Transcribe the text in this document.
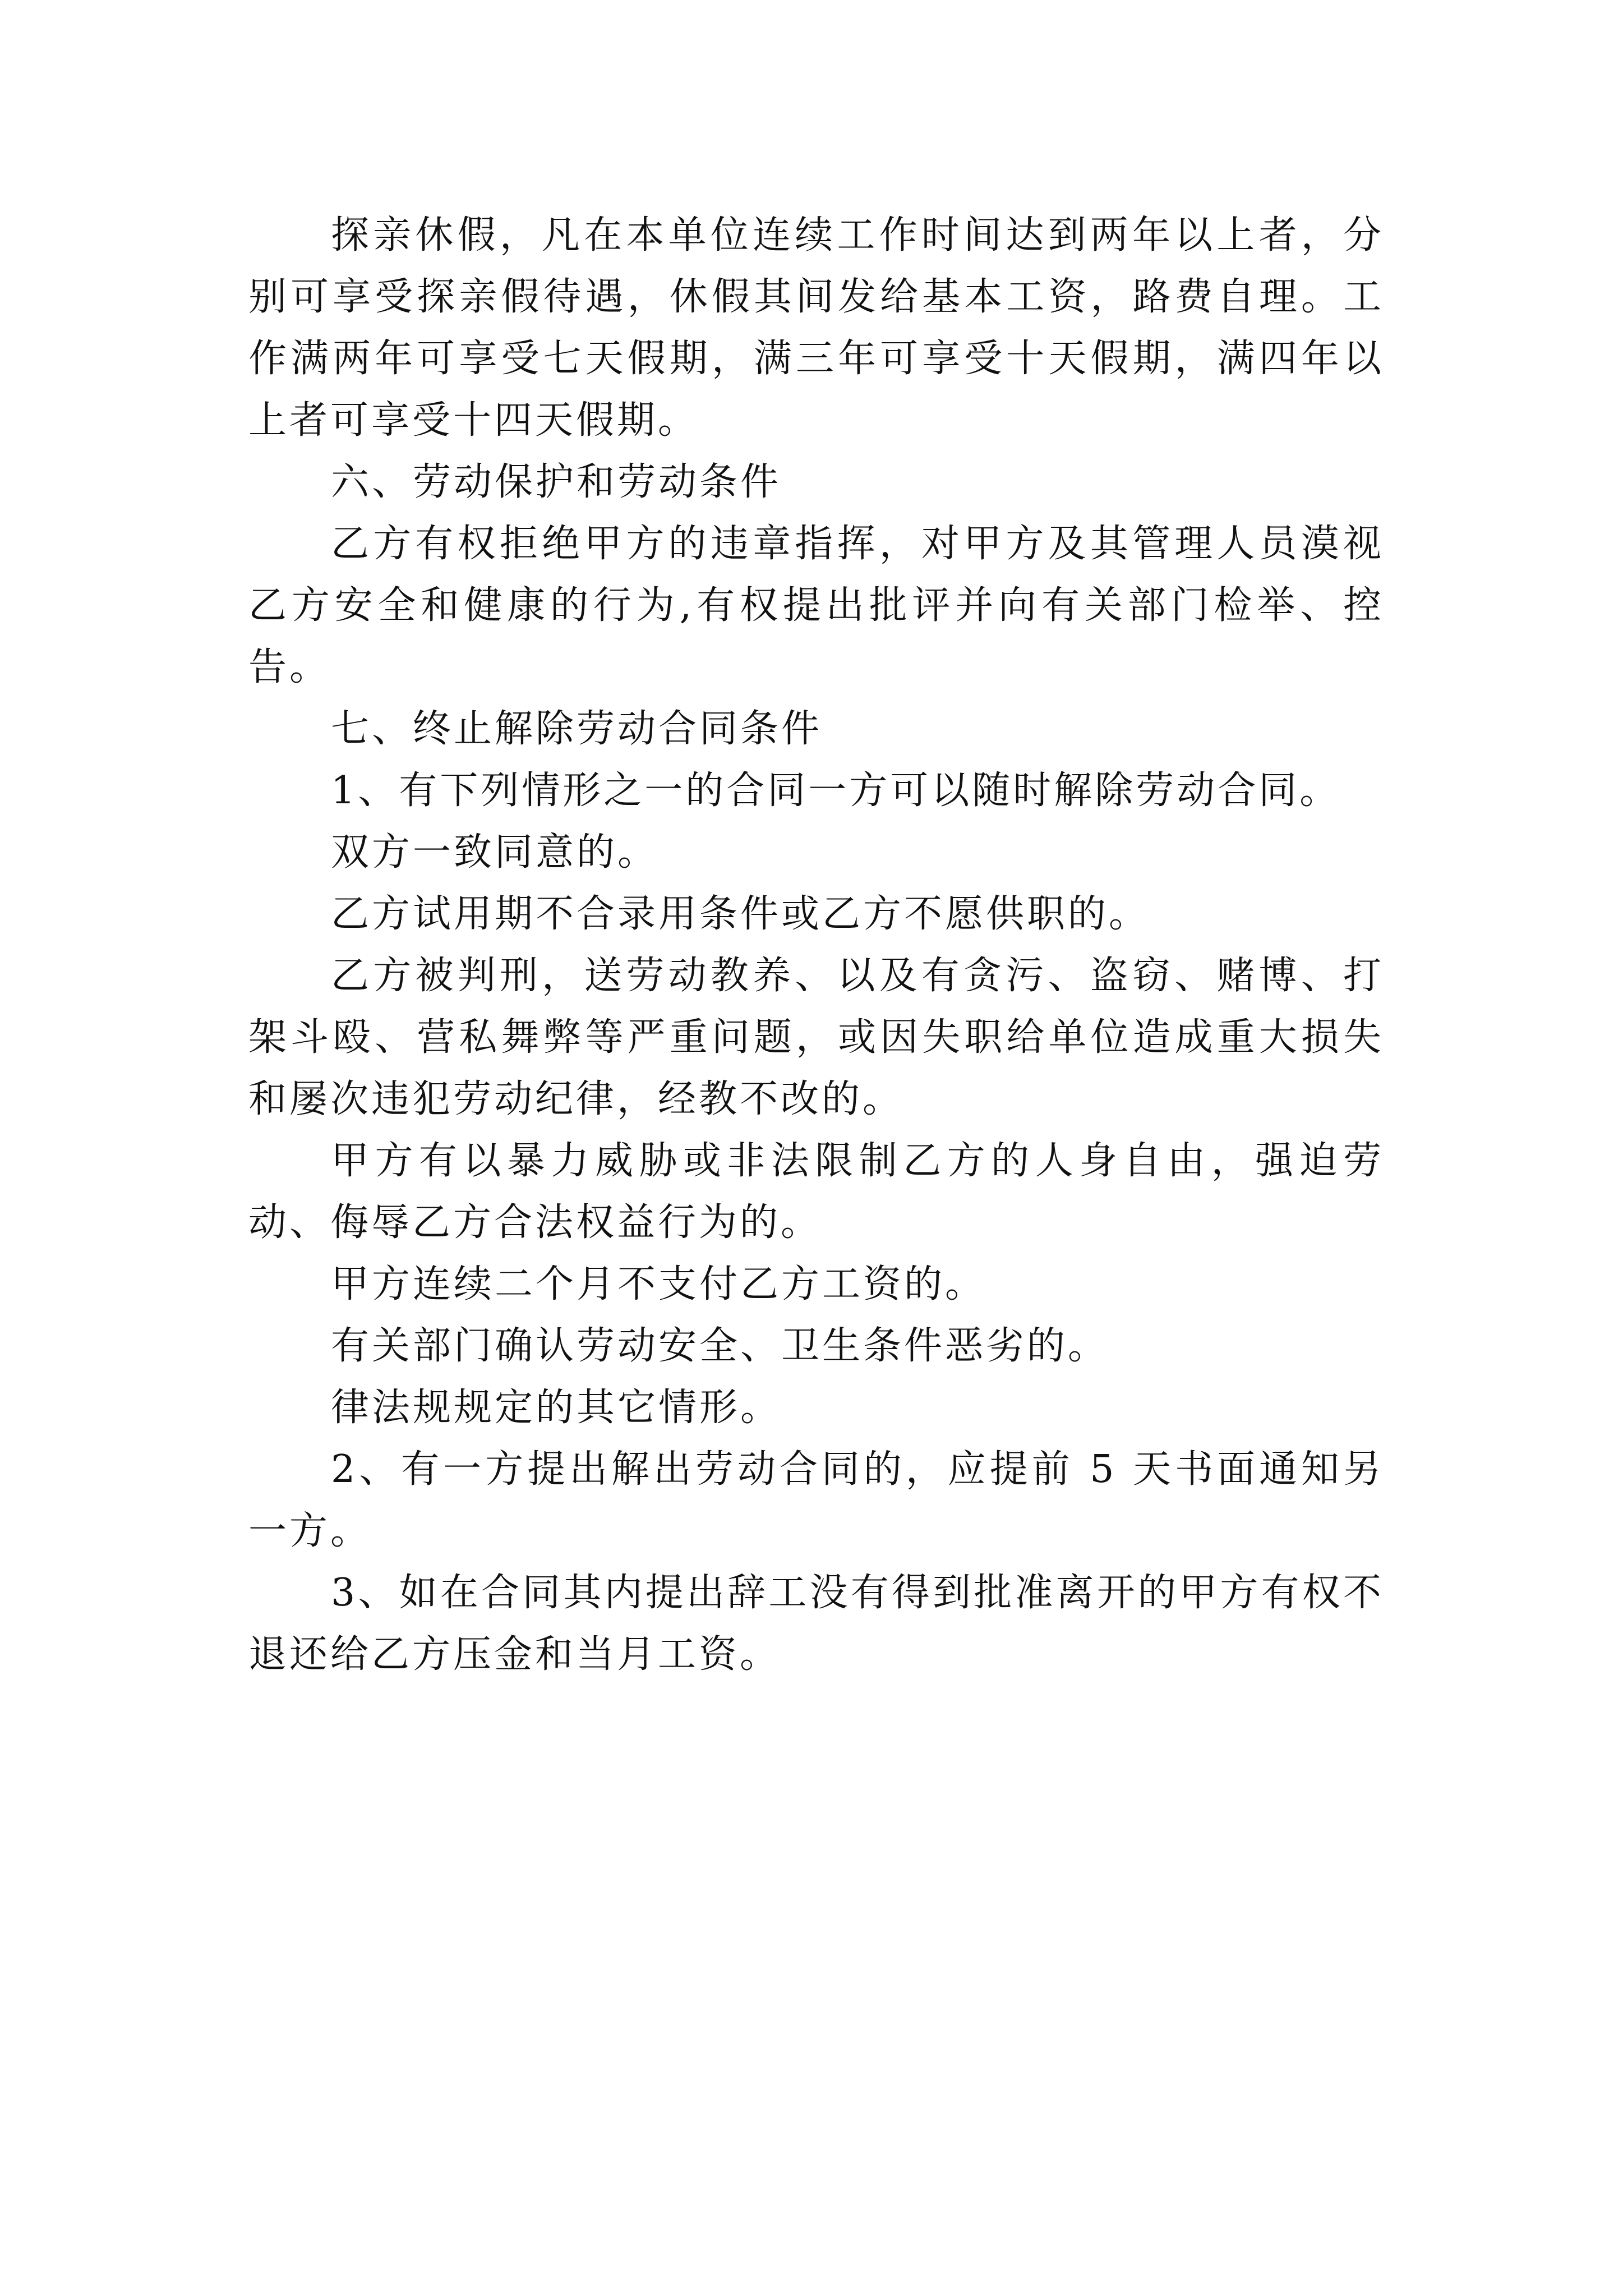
探亲休假，凡在本单位连续工作时间达到两年以上者，分别可享受探亲假待遇，休假其间发给基本工资，路费自理。工作满两年可享受七天假期，满三年可享受十天假期，满四年以上者可享受十四天假期。

六、劳动保护和劳动条件

乙方有权拒绝甲方的违章指挥，对甲方及其管理人员漠视乙方安全和健康的行为,有权提出批评并向有关部门检举、控告。

七、终止解除劳动合同条件

1、有下列情形之一的合同一方可以随时解除劳动合同。

双方一致同意的。

乙方试用期不合录用条件或乙方不愿供职的。

乙方被判刑，送劳动教养、以及有贪污、盗窃、赌博、打架斗殴、营私舞弊等严重问题，或因失职给单位造成重大损失和屡次违犯劳动纪律，经教不改的。

甲方有以暴力威胁或非法限制乙方的人身自由，强迫劳动、侮辱乙方合法权益行为的。

甲方连续二个月不支付乙方工资的。

有关部门确认劳动安全、卫生条件恶劣的。

律法规规定的其它情形。

2、有一方提出解出劳动合同的，应提前 5 天书面通知另一方。

3、如在合同其内提出辞工没有得到批准离开的甲方有权不退还给乙方压金和当月工资。
